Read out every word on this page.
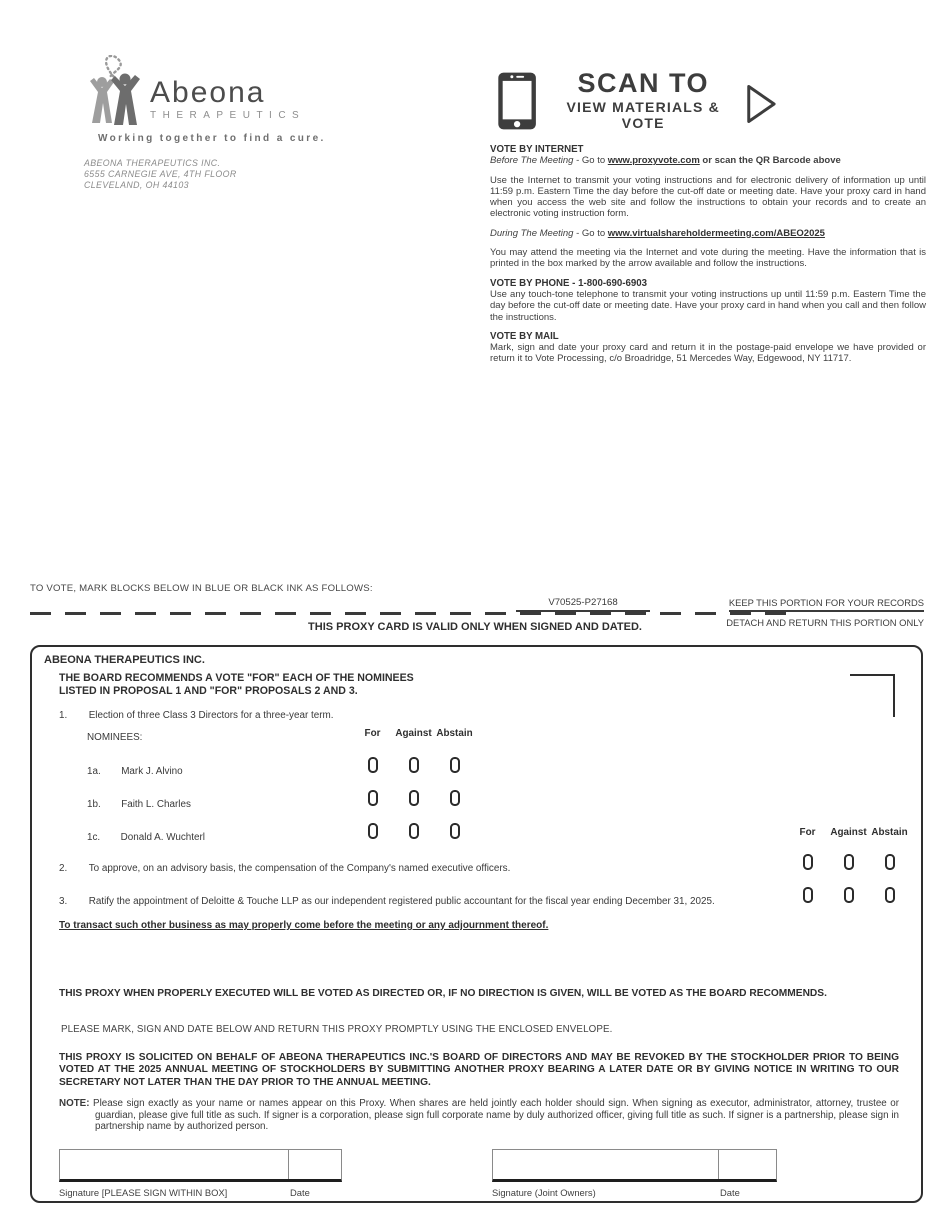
Abeona
THERAPEUTICS
Working together to find a cure.
ABEONA THERAPEUTICS INC.
6555 CARNEGIE AVE, 4TH FLOOR
CLEVELAND, OH 44103
SCAN TO
VIEW MATERIALS & VOTE
VOTE BY INTERNET
Before The Meeting - Go to www.proxyvote.com or scan the QR Barcode above
Use the Internet to transmit your voting instructions and for electronic delivery of information up until 11:59 p.m. Eastern Time the day before the cut-off date or meeting date. Have your proxy card in hand when you access the web site and follow the instructions to obtain your records and to create an electronic voting instruction form.
During The Meeting - Go to www.virtualshareholdermeeting.com/ABEO2025
You may attend the meeting via the Internet and vote during the meeting. Have the information that is printed in the box marked by the arrow available and follow the instructions.
VOTE BY PHONE - 1-800-690-6903
Use any touch-tone telephone to transmit your voting instructions up until 11:59 p.m. Eastern Time the day before the cut-off date or meeting date. Have your proxy card in hand when you call and then follow the instructions.
VOTE BY MAIL
Mark, sign and date your proxy card and return it in the postage-paid envelope we have provided or return it to Vote Processing, c/o Broadridge, 51 Mercedes Way, Edgewood, NY 11717.
TO VOTE, MARK BLOCKS BELOW IN BLUE OR BLACK INK AS FOLLOWS:
V70525-P27168	KEEP THIS PORTION FOR YOUR RECORDS
THIS PROXY CARD IS VALID ONLY WHEN SIGNED AND DATED.	DETACH AND RETURN THIS PORTION ONLY
ABEONA THERAPEUTICS INC.
THE BOARD RECOMMENDS A VOTE "FOR" EACH OF THE NOMINEES LISTED IN PROPOSAL 1 AND "FOR" PROPOSALS 2 AND 3.
1. Election of three Class 3 Directors for a three-year term.
NOMINEES:	For	Against Abstain
1a. Mark J. Alvino
1b. Faith L. Charles
1c. Donald A. Wuchterl	For	Against Abstain
2. To approve, on an advisory basis, the compensation of the Company's named executive officers.
3. Ratify the appointment of Deloitte & Touche LLP as our independent registered public accountant for the fiscal year ending December 31, 2025.
To transact such other business as may properly come before the meeting or any adjournment thereof.
THIS PROXY WHEN PROPERLY EXECUTED WILL BE VOTED AS DIRECTED OR, IF NO DIRECTION IS GIVEN, WILL BE VOTED AS THE BOARD RECOMMENDS.
PLEASE MARK, SIGN AND DATE BELOW AND RETURN THIS PROXY PROMPTLY USING THE ENCLOSED ENVELOPE.
THIS PROXY IS SOLICITED ON BEHALF OF ABEONA THERAPEUTICS INC.'S BOARD OF DIRECTORS AND MAY BE REVOKED BY THE STOCKHOLDER PRIOR TO BEING VOTED AT THE 2025 ANNUAL MEETING OF STOCKHOLDERS BY SUBMITTING ANOTHER PROXY BEARING A LATER DATE OR BY GIVING NOTICE IN WRITING TO OUR SECRETARY NOT LATER THAN THE DAY PRIOR TO THE ANNUAL MEETING.
NOTE: Please sign exactly as your name or names appear on this Proxy. When shares are held jointly each holder should sign. When signing as executor, administrator, attorney, trustee or guardian, please give full title as such. If signer is a corporation, please sign full corporate name by duly authorized officer, giving full title as such. If signer is a partnership, please sign in partnership name by authorized person.
Signature [PLEASE SIGN WITHIN BOX]	Date	Signature (Joint Owners)	Date
